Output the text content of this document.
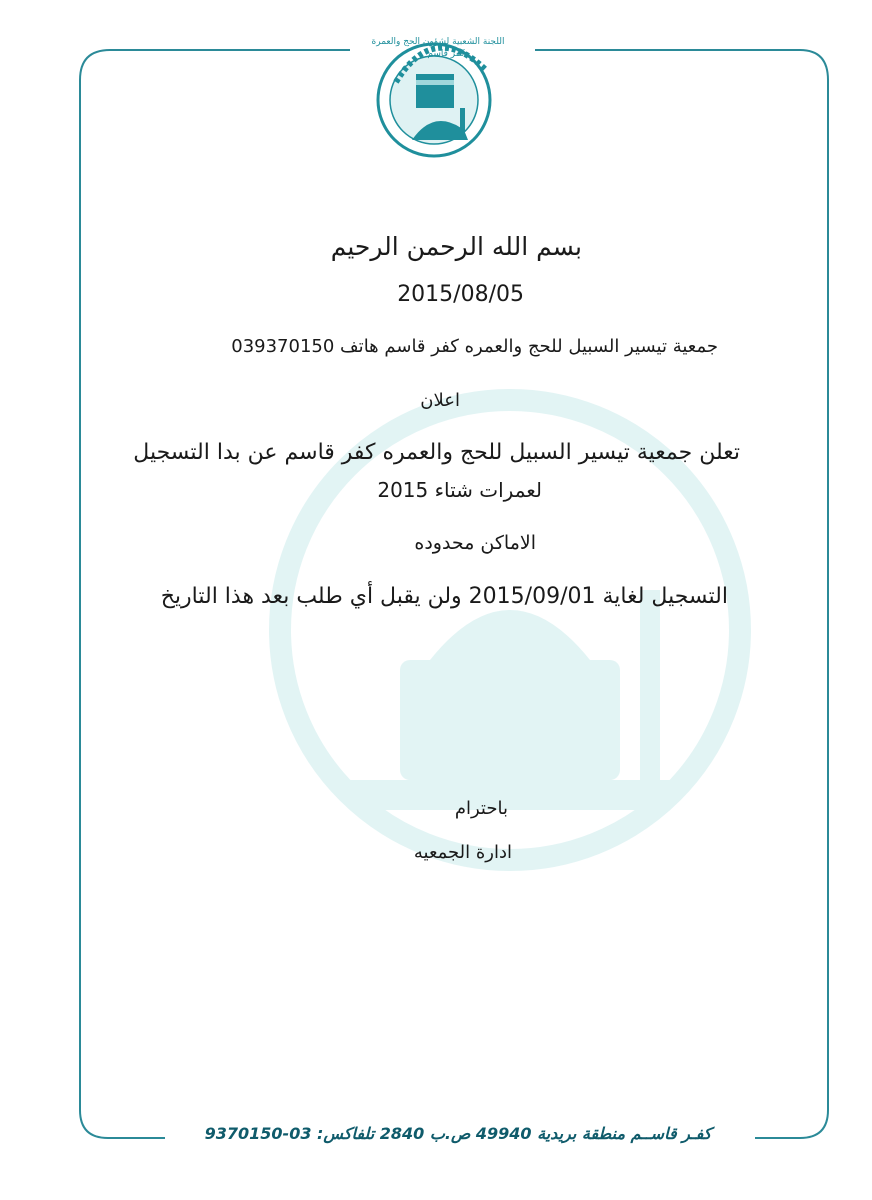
اللجنة الشعبية لشؤون الحج والعمرة
كفر قاسم
بسم الله الرحمن الرحيم
2015/08/05
جمعية تيسير السبيل للحج والعمره كفر قاسم هاتف 039370150
اعلان
تعلن جمعية تيسير السبيل للحج والعمره كفر قاسم عن بدا التسجيل
لعمرات شتاء 2015
الاماكن محدوده
التسجيل لغاية 2015/09/01 ولن يقبل أي طلب بعد هذا التاريخ
باحترام
ادارة الجمعيه
كفـر قاســم منطقة بريدية 49940 ص.ب 2840 تلفاكس: 03-9370150
